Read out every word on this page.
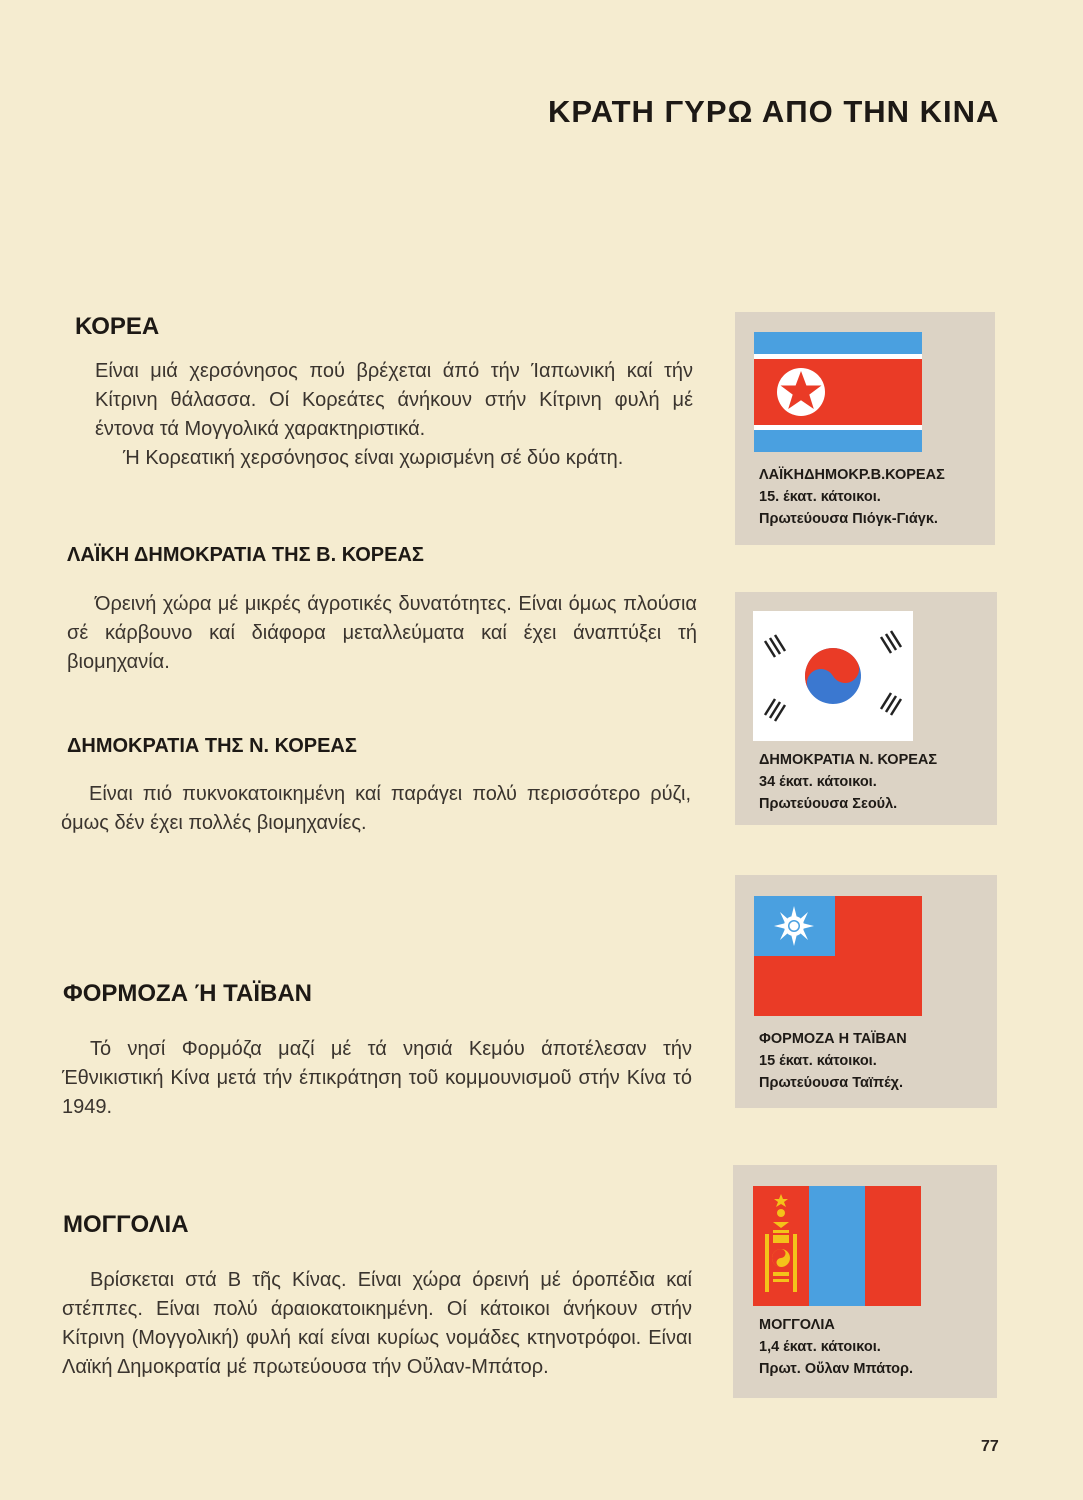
ΚΡΑΤΗ ΓΥΡΩ ΑΠΟ ΤΗΝ ΚΙΝΑ
ΚΟΡΕΑ

Είναι μιά χερσόνησος πού βρέχεται άπό τήν Ίαπωνική καί τήν Κίτρινη θάλασσα. Οί Κορεάτες άνήκουν στήν Κίτρινη φυλή μέ έντονα τά Μογγολικά χαρακτηριστικά.

Ή Κορεατική χερσόνησος είναι χωρισμένη σέ δύο κράτη.

ΛΑΪΚΗ ΔΗΜΟΚΡΑΤΙΑ ΤΗΣ Β. ΚΟΡΕΑΣ
Όρεινή χώρα μέ μικρές άγροτικές δυνατότητες. Είναι όμως πλούσια σέ κάρβουνο καί διάφορα μεταλλεύματα καί έχει άναπτύξει τή βιομηχανία.
ΔΗΜΟΚΡΑΤΙΑ ΤΗΣ Ν. ΚΟΡΕΑΣ
Είναι πιό πυκνοκατοικημένη καί παράγει πολύ περισσότερο ρύζι, όμως δέν έχει πολλές βιομηχανίες.
ΦΟΡΜΟΖΑ Ή ΤΑΪΒΑΝ
Τό νησί Φορμόζα μαζί μέ τά νησιά Κεμόυ άποτέλεσαν τήν Έθνικιστική Κίνα μετά τήν έπικράτηση τοῦ κομμουνισμοῦ στήν Κίνα τό 1949.
ΜΟΓΓΟΛΙΑ
Βρίσκεται στά Β τῆς Κίνας. Είναι χώρα όρεινή μέ όροπέδια καί στέππες. Είναι πολύ άραιοκατοικημένη. Οί κάτοικοι άνήκουν στήν Κίτρινη (Μογγολική) φυλή καί είναι κυρίως νομάδες κτηνοτρόφοι. Είναι Λαϊκή Δημοκρατία μέ πρωτεύουσα τήν Οὔλαν-Μπάτορ.
ΛΑΪΚΗΔΗΜΟΚΡ.Β.ΚΟΡΕΑΣ
15. έκατ. κάτοικοι.
Πρωτεύουσα Πιόγκ-Γιάγκ.
ΔΗΜΟΚΡΑΤΙΑ Ν. ΚΟΡΕΑΣ
34 έκατ. κάτοικοι.
Πρωτεύουσα Σεούλ.
ΦΟΡΜΟΖΑ Η ΤΑΪΒΑΝ
15 έκατ. κάτοικοι.
Πρωτεύουσα Ταϊπέχ.
ΜΟΓΓΟΛΙΑ
1,4 έκατ. κάτοικοι.
Πρωτ. Οὔλαν Μπάτορ.
77
